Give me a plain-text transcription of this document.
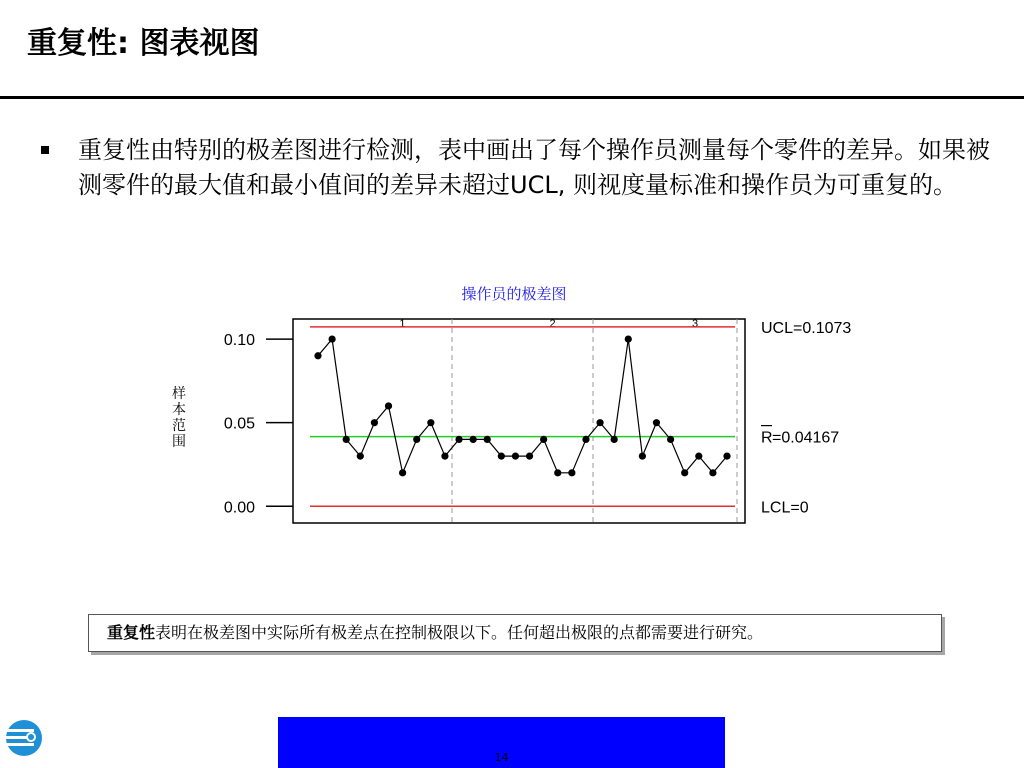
重复性: 图表视图

重复性由特别的极差图进行检测，表中画出了每个操作员测量每个零件的差异。如果被测零件的最大值和最小值间的差异未超过UCL, 则视度量标准和操作员为可重复的。

操作员的极差图
样本范围
0.00
0.05
0.10
1	2	3	UCL=0.1073
R =0.04167
LCL=0
重复性表明在极差图中实际所有极差点在控制极限以下。任何超出极限的点都需要进行研究。
14
